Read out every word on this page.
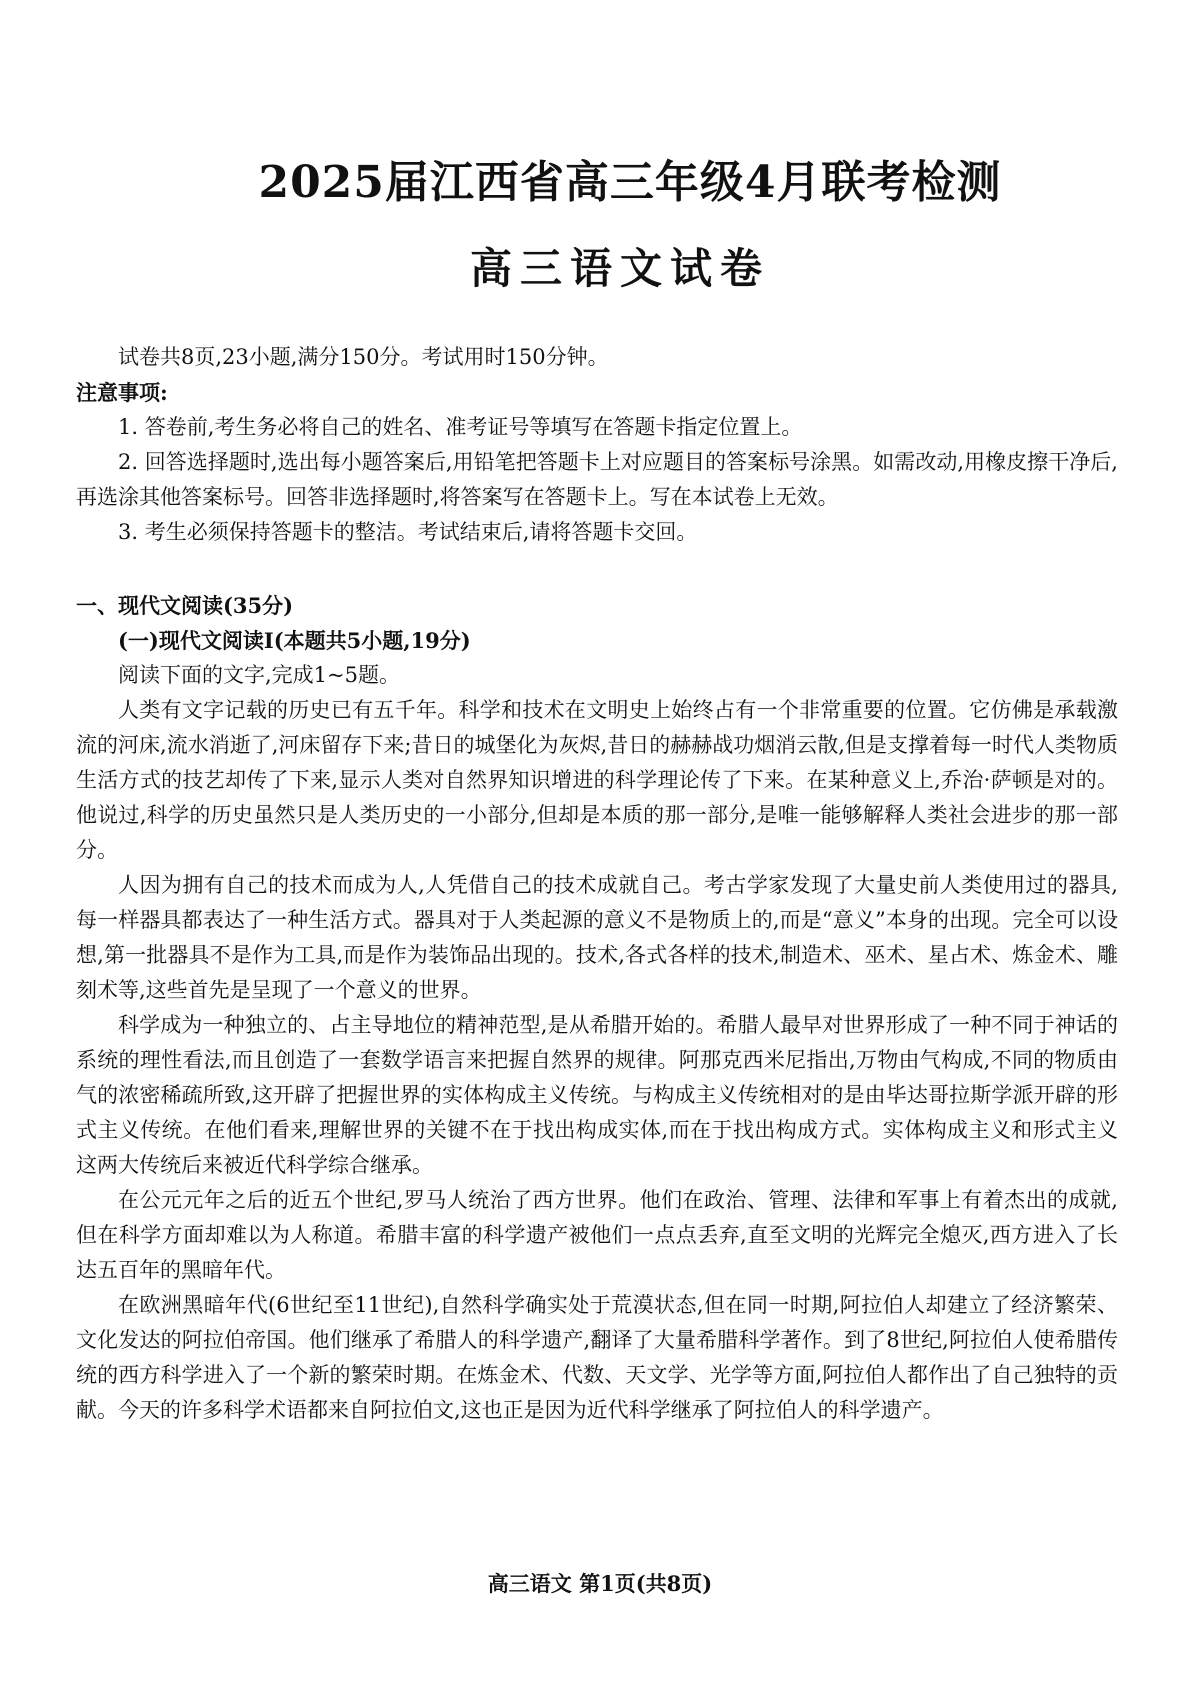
2025届江西省高三年级4月联考检测
高三语文试卷

试卷共8页,23小题,满分150分。考试用时150分钟。

注意事项:

1. 答卷前,考生务必将自己的姓名、准考证号等填写在答题卡指定位置上。

2. 回答选择题时,选出每小题答案后,用铅笔把答题卡上对应题目的答案标号涂黑。如需改动,用橡皮擦干净后,再选涂其他答案标号。回答非选择题时,将答案写在答题卡上。写在本试卷上无效。

3. 考生必须保持答题卡的整洁。考试结束后,请将答题卡交回。

一、现代文阅读(35分)

(一)现代文阅读Ⅰ(本题共5小题,19分)

阅读下面的文字,完成1~5题。

人类有文字记载的历史已有五千年。科学和技术在文明史上始终占有一个非常重要的位置。它仿佛是承载激流的河床,流水消逝了,河床留存下来;昔日的城堡化为灰烬,昔日的赫赫战功烟消云散,但是支撑着每一时代人类物质生活方式的技艺却传了下来,显示人类对自然界知识增进的科学理论传了下来。在某种意义上,乔治·萨顿是对的。他说过,科学的历史虽然只是人类历史的一小部分,但却是本质的那一部分,是唯一能够解释人类社会进步的那一部分。

人因为拥有自己的技术而成为人,人凭借自己的技术成就自己。考古学家发现了大量史前人类使用过的器具,每一样器具都表达了一种生活方式。器具对于人类起源的意义不是物质上的,而是“意义”本身的出现。完全可以设想,第一批器具不是作为工具,而是作为装饰品出现的。技术,各式各样的技术,制造术、巫术、星占术、炼金术、雕刻术等,这些首先是呈现了一个意义的世界。

科学成为一种独立的、占主导地位的精神范型,是从希腊开始的。希腊人最早对世界形成了一种不同于神话的系统的理性看法,而且创造了一套数学语言来把握自然界的规律。阿那克西米尼指出,万物由气构成,不同的物质由气的浓密稀疏所致,这开辟了把握世界的实体构成主义传统。与构成主义传统相对的是由毕达哥拉斯学派开辟的形式主义传统。在他们看来,理解世界的关键不在于找出构成实体,而在于找出构成方式。实体构成主义和形式主义这两大传统后来被近代科学综合继承。

在公元元年之后的近五个世纪,罗马人统治了西方世界。他们在政治、管理、法律和军事上有着杰出的成就,但在科学方面却难以为人称道。希腊丰富的科学遗产被他们一点点丢弃,直至文明的光辉完全熄灭,西方进入了长达五百年的黑暗年代。

在欧洲黑暗年代(6世纪至11世纪),自然科学确实处于荒漠状态,但在同一时期,阿拉伯人却建立了经济繁荣、文化发达的阿拉伯帝国。他们继承了希腊人的科学遗产,翻译了大量希腊科学著作。到了8世纪,阿拉伯人使希腊传统的西方科学进入了一个新的繁荣时期。在炼金术、代数、天文学、光学等方面,阿拉伯人都作出了自己独特的贡献。今天的许多科学术语都来自阿拉伯文,这也正是因为近代科学继承了阿拉伯人的科学遗产。

高三语文 第1页(共8页)
